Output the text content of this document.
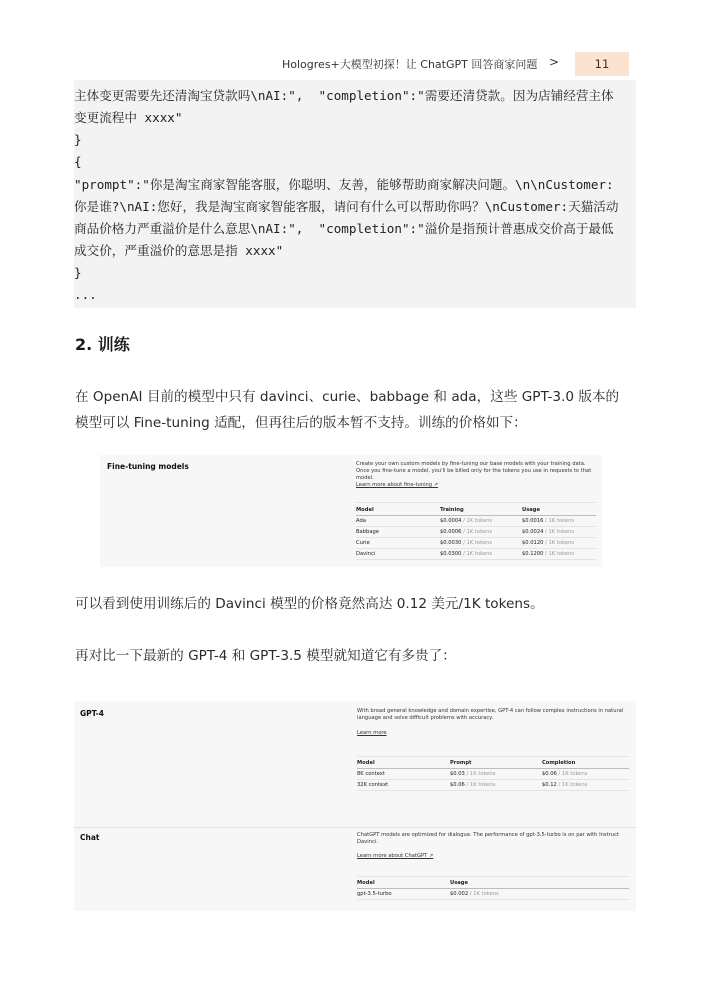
Hologres+大模型初探！让 ChatGPT 回答商家问题 >	11
主体变更需要先还清淘宝贷款吗\nAI:",  "completion":"需要还清贷款。因为店铺经营主体
变更流程中 xxxx"
}
{
"prompt":"你是淘宝商家智能客服，你聪明、友善，能够帮助商家解决问题。\n\nCustomer:
你是谁?\nAI:您好，我是淘宝商家智能客服，请问有什么可以帮助你吗？\nCustomer:天猫活动
商品价格力严重溢价是什么意思\nAI:",  "completion":"溢价是指预计普惠成交价高于最低
成交价，严重溢价的意思是指 xxxx"
}
...
2. 训练
在 OpenAI 目前的模型中只有 davinci、curie、babbage 和 ada，这些 GPT-3.0 版本的
模型可以 Fine-tuning 适配，但再往后的版本暂不支持。训练的价格如下：
Fine-tuning models	Create your own custom models by fine-tuning our base models with your training data. Once you fine-tune a model, you'll be billed only for the tokens you use in requests to that model.
Learn more about fine-tuning ↗
Model	Training	Usage
Ada	$0.0004 / 1K tokens	$0.0016 / 1K tokens
Babbage	$0.0006 / 1K tokens	$0.0024 / 1K tokens
Curie	$0.0030 / 1K tokens	$0.0120 / 1K tokens
Davinci	$0.0300 / 1K tokens	$0.1200 / 1K tokens
可以看到使用训练后的 Davinci 模型的价格竟然高达 0.12 美元/1K tokens。
再对比一下最新的 GPT-4 和 GPT-3.5 模型就知道它有多贵了：
GPT-4	With broad general knowledge and domain expertise, GPT-4 can follow complex instructions in natural language and solve difficult problems with accuracy.
Learn more
Model	Prompt	Completion
8K context	$0.03 / 1K tokens	$0.06 / 1K tokens
32K context	$0.06 / 1K tokens	$0.12 / 1K tokens
Chat	ChatGPT models are optimized for dialogue. The performance of gpt-3.5-turbo is on par with Instruct Davinci.
Learn more about ChatGPT ↗
Model	Usage
gpt-3.5-turbo	$0.002 / 1K tokens
